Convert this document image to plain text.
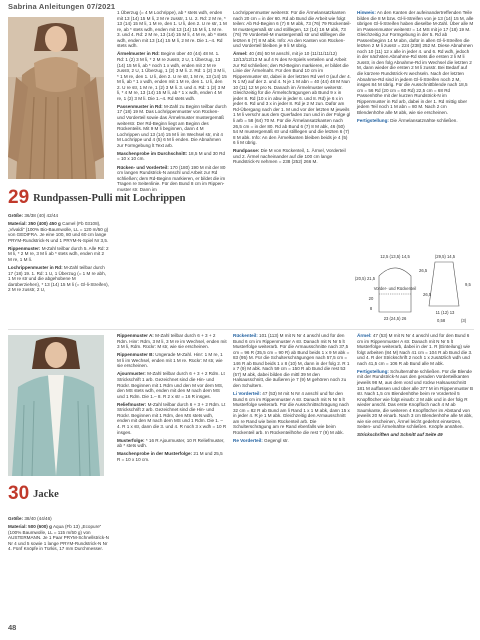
Sabrina Anleitungen 07/2021
29 Rundpassen-Pulli mit Lochrippen

Größe: 36/38 (40) 42/44

Material: 350 (400) 450 g Camel (Fb 03108), „Vivaldi“ (100% Bio-Baumwolle, LL = 120 m/50 g) von GEDIFRA. Je eine 100, 80 und 60 cm lange PRYM-Rundstrick-N und 1 PRYM-N-Spiel Nr 3,5.

Rippenmuster: M-Zahl teilbar durch 5. Alle Rd: 2 M li, * 2 M re, 3 M li ab * stets wdh, enden mit 2 M re, 1 M li.

Lochrippenmuster in Rd: M-Zahl teilbar durch 17 (18) 19. 1. Rd: 1 U, 1 Überzug (= 1 M re abh, 1 M re str und die abgehobene M darüberziehen), * 13 (14) 15 M li (= Gl-li-Streifen), 2 M re zusstr, 2 U,

1 Überzug (= 4 M Lochrippe), ab * stets wdh, enden mit 13 (14) 15 M li, 2 M re zusstr, 1 U. 2. Rd: 2 M re, * 13 (14) 15 M li, 1 M re, den 1. U li, den 2. U re str, 1 M re, ab * stets wdh, enden mit 13 (14) 15 M li, 1 M re. 3. und 4. Rd: 2 M re, 13 (14) 15 M li, 4 M re, ab * stets wdh, enden mit 13 (14) 15 M li, 2 M re. Die 1.–4. Rd stets wdh.

Ärmelmuster in Rd: Beginn über 40 (44) 48 M. 1. Rd: 1 (2) 3 M li, * 2 M re zusstr, 2 U, 1 Überzug, 13 (14) 15 M li, ab * noch 1 x wdh, enden mit 2 M re zusstr, 2 U, 1 Überzug, 1 (2) 3 M li. 2. Rd: 1 (2) 3 M li, * 1 M re, den 1. U li, den 2. U re str, 1 M re, 13 (14) 15 M li, ab * 1 x wdh, enden mit 1 M re, den 1. U li, den 2. U re str, 1 M re, 1 (2) 3 M li. 3. und 4. Rd: 1 (2) 3 M li, * 4 M re, 13 (14) 15 M li, ab * 1 x wdh, enden 4 M re, 1 (2) 3 M li. Die 1.–4. Rd stets wdh.

Passenmuster in Rd: M-Zahl zu Beginn teilbar durch 17 (18) 19 M. Das Lochrippenmuster von Rücken- und Vorderteil sowie das Ärmelmuster mustergemäß weiterstr. Der Rd-Beginn liegt am Beginn des Rückenteils. Mit 9 M li beginnen, dann 4 M Lochrippen und 13 (14) 15 M li im Wechsel str, mit 4 M Lochrippe und 4 (5) 6 M li enden. Die Abnahmen zur Formgebung lt Text arb.

Maschenprobe im Durchschnitt: 18,5 M und 30 Rd = 10 x 10 cm.

Rücken- und Vorderteil: 170 (180) 190 M mit der 80 cm langen Rundstrick-N anschl und Arbeit zur Rd schließen; dem Rd-Beginn markieren, er bildet die im Tragen re Seitenlinie. Für den Bund 8 cm im Rippen-muster str. Dann im

Lochrippenmuster weiterstr. Für die Ärmelansatzkanten nach 20 cm = in der 60. Rd ab Bund die Arbeit wie folgt teilen: Ab Rd-Beginn 6 (7) 8 M abk, 73 (76) 79 Rückenteil-M mustergemäß str und stilllegen, 12 (14) 16 M abk, 73 (76) 79 Vorderteil-M mustergemäß str und stilllegen die letzten 6 (7) 8 M abk. Info: An den Kanten von Rücken- und Vorderteil bleiben je 9 li M übrig.

Ärmel: 40 (45) 50 M anschl, mit je 10 (11/11/11/12) 12/13/12/13 M auf 4 N des N-Spiels verteilen und Arbeit zur Rd schließen; den Rd-Beginn markieren, er bildet die Linie der Ärmelnaht. Für den Bund 10 cm im Rippenmuster str, dabei in der letzten Rd verl 0 (auf der 4. N 1 M) auf der 2. und 4. N je 1 M abn = 40 (44) 48 M Nun 10 (11) 12 M pro N. Danach im Ärmelmuster weiterstr. Gleichzeitig für die Ärmelschrägungen ab Bund 9 x in jeder 8. Rd (10 x in abw in jeder 6. und 8. Rd) je 6 x in jeder 6. Rd und 3 x in jeder 8. Rd je 2 M zun. Dafür am Rd-Übergang nach der 1. M und vor der letzten M jeweils 1 M li verschr aus dem Querfaden zun und in der Folge gl li arb = 58 (64) 70 M. Für die Ärmelansatzkanten nach 26,5 cm = in der 80. Rd ab Bund 6 (7) 8 M abk, 46 (50) 54 M mustergemäß str und stilllegen und die letzten 6 (7) 8 M abk. Info: An den Ärmelkanten bleiben beids je 4 (5) 6 li M übrig.

Rundpasse: Die M von Rückenteil, 1. Ärmel, Vorderteil und 2. Ärmel nacheinander auf die 100 cm lange Rundstrick-N nehmen = 238 (252) 266 M.

Hinweis: An den Kanten der aufeinandertreffenden Teile bilden die 8 M bzw. Gl-li-Streifen von je 13 (14) 15 M, alle übrigen Gl-li-Streifen haben dieselbe M-Zahl. Über alle M im Passenmuster weiterstr = 14 MS mit je 17 (18) 19 M. Gleichzeitig zur Formgebung in der 5. Rd ab Passenbeginn 14 M abn, dafür in allen Gl-li-Streifen die letzten 2 M li zusstr = 224 (238) 252 M. Diese Abnahmen noch 10 (11) 12 x alle in jeder 4. und 6. Rd wdh, jedoch in der nächsten Abnahme-Rd stets die ersten 2 li M li zusstr, in den folg Abnahme-Rd im Wechsel die letzten 2 M, dann wieder die ersten 2 M li zusstr. Bei Bedarf auf die kürzere Rundstrick-N wechseln. Nach der letzten Abnahme-Rd sind in jedem Gl-li-Streifen noch 2 M, insges 84 M übrig. Für die Ausschnittblende nach 18,5 cm = 56 Rd (20 cm = 60 Rd) 22,5 cm = 68 Rd Passenhöhe mit der kurzen Rundstrick-N im Rippenmuster in Rd arb, dabei in der 1. Rd mittig über jedem Teil noch 1 M abn = 80 M. Nach 2 cm Blendenhöhe alle M abk, wie sie erscheinen.

Fertigstellung: Die Ärmelansatznähte schließen.

12,5 (13,5) 14,5
Vorder- und Rückenteil
23 (24,5) 26
(20,5) 21,5
20
8
26,5
(29,5) 14,5
9,5
11 (12) 13
(3)
0,58
26,5
30 Jacke

Größe: 38/40 (44/46)

Material: 500 (600) g Aqua (Fb 13) „Ecopure“ (100% Baumwolle, LL = 115 m/50 g) von AUSTERMANN. Je 1 Paar PRYM-Schnellstrick-N Nr 4 und 5 sowie 1 lange PRYM-Rundstrick-N Nr 4. Fünf Knöpfe in Türkis, 17 mm Durchmesser.

Rippenmuster A: M-Zahl teilbar durch 6 + 3 + 2 Rdm. Hinr: Rdm, 3 M li, 3 M re im Wechsel, enden mit 3 M li, Rdm. Rückr: M str, wie sie erscheinen.

Rippenmuster B: Ungerade M-Zahl. Hinr: 1 M re, 1 M li im Wechsel, enden mit 1 M re. Rückr: M str, wie sie erscheinen.

Ajourmuster: M-Zahl teilbar durch 6 + 3 + 2 Rdm. Lt Strickschrift 1 arb. Gezeichnet sind die Hin- und Rückr. Beginnen mit 1 Rdm und den M vor dem MS, den MS stets wdh, enden mit den M nach dem MS und 1 Rdm. Die 1.– 8. R 2 x str = 16 R insges.

Reliefmuster: M-Zahl teilbar durch 6 + 3 + 2 Rdm. Lt Strickschrift 2 arb. Gezeichnet sind die Hin- und Rückr. Beginnen mit 1 Rdm, den MS stets wdh, enden mit den M nach dem MS und 1 Rdm. Die 1. – 4. R 1 x str, dann die 3. und 4. R noch 3 x wdh = 10 R insges.

Musterfolge: * 16 R Ajourmuster, 10 R Reliefmuster, ab * stets wdh.

Maschenprobe in der Musterfolge: 21 M und 25,5 R = 10 x 10 cm.

Rückenteil: 101 (113) M mit N Nr 4 anschl und für den Bund 6 cm im Rippenmuster A str. Danach mit N Nr 5 lt Musterfolge weiterarb. Für die Armausschnitte nach 37,5 cm = 96 R (35,5 cm = 90 R) ab Bund beids 1 x 9 M abk = 83 (95) M. Für die Schulterschrägungen nach 57,5 cm = 146 R ab Bund beids 1 x 8 (10) M, dann in der folg 2. R 1 x 7 (9) M abk. Nach 59 cm = 150 R ab Bund die rest 53 (57) M abk, dabei bilden die mittl 39 M den Halsausschnitt, die äußeren je 7 (9) M gehören noch zu den Schultern.

Li Vorderteil: 47 (53) M mit N Nr 4 anschl und für den Bund 6 cm im Rippenmuster A str. Danach mit N Nr 5 lt Musterfolge weiterarb. Für die Ausschnittschrägung nach 32 cm = 82 R ab Bund am li Rand 1 x 1 M abk, dann 15 x in jeder 4. R je 1 M abk. Gleichzeitig den Armausschnitt am re Rand wie beim Rückenteil arb. Die Schulterschrägung am re Rand ebenfalls wie beim Rückenteil arb. In Rückenteilhöhe die rest 7 (9) M abk.

Re Vorderteil: Gegengl str.

Ärmel: 47 (53) M mit N Nr 4 anschl und für den Bund 6 cm im Rippenmuster A str. Danach mit N Nr 5 lt Musterfolge weiterarb, dabei in der 1. R (Einteilung) wie folgt arbeiten (84 M) Nach 41 cm = 104 R ab Bund die 3. und 4. R der Strickschrift 2 noch 1 x zusätzlich wdh und nach 41,5 cm = 106 R ab Bund alle M abk.

Fertigstellung: Schulternähte schließen. Für die Blende mit der Rundstrick-N aus den geraden Vorderteilkanten jeweils 98 M, aus dem vord und rückw Halsausschnitt 181 M auffassen und über alle 377 M im Rippenmuster B str. Nach 1,5 cm Blendenhöhe beim re Vorderteil 5 Knopflöcher wie folgt einarb: 2 M abk und in der folg R wieder anschl. Das erste Knopfloch nach 4 M ab Saumkante, die weiteren 4 Knopflöcher im Abstand von jeweils 20 M einarb. Nach 3 cm Blendenhöhe alle M abk, wie sie erscheinen, Ärmel leicht gedehnt einsetzen, Seiten- und Ärmelnähte schließen. Knöpfe annähen.

Strickschriften und Schnitt auf Seite 49

48
